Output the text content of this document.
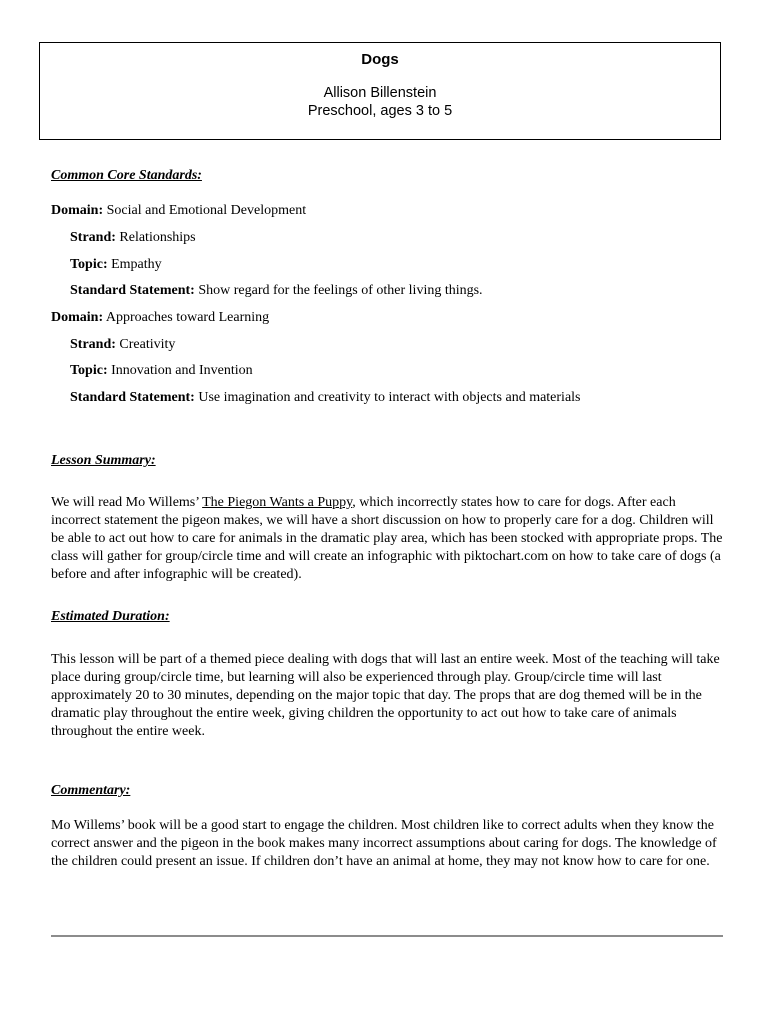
Dogs
Allison Billenstein
Preschool, ages 3 to 5
Common Core Standards:
Domain: Social and Emotional Development
Strand: Relationships
Topic: Empathy
Standard Statement: Show regard for the feelings of other living things.
Domain: Approaches toward Learning
Strand: Creativity
Topic: Innovation and Invention
Standard Statement: Use imagination and creativity to interact with objects and materials
Lesson Summary:

We will read Mo Willems’ The Piegon Wants a Puppy, which incorrectly states how to care for dogs. After each incorrect statement the pigeon makes, we will have a short discussion on how to properly care for a dog. Children will be able to act out how to care for animals in the dramatic play area, which has been stocked with appropriate props. The class will gather for group/circle time and will create an infographic with piktochart.com on how to take care of dogs (a before and after infographic will be created).

Estimated Duration:

This lesson will be part of a themed piece dealing with dogs that will last an entire week. Most of the teaching will take place during group/circle time, but learning will also be experienced through play. Group/circle time will last approximately 20 to 30 minutes, depending on the major topic that day. The props that are dog themed will be in the dramatic play throughout the entire week, giving children the opportunity to act out how to take care of animals throughout the entire week.

Commentary:

Mo Willems’ book will be a good start to engage the children. Most children like to correct adults when they know the correct answer and the pigeon in the book makes many incorrect assumptions about caring for dogs. The knowledge of the children could present an issue. If children don’t have an animal at home, they may not know how to care for one.
